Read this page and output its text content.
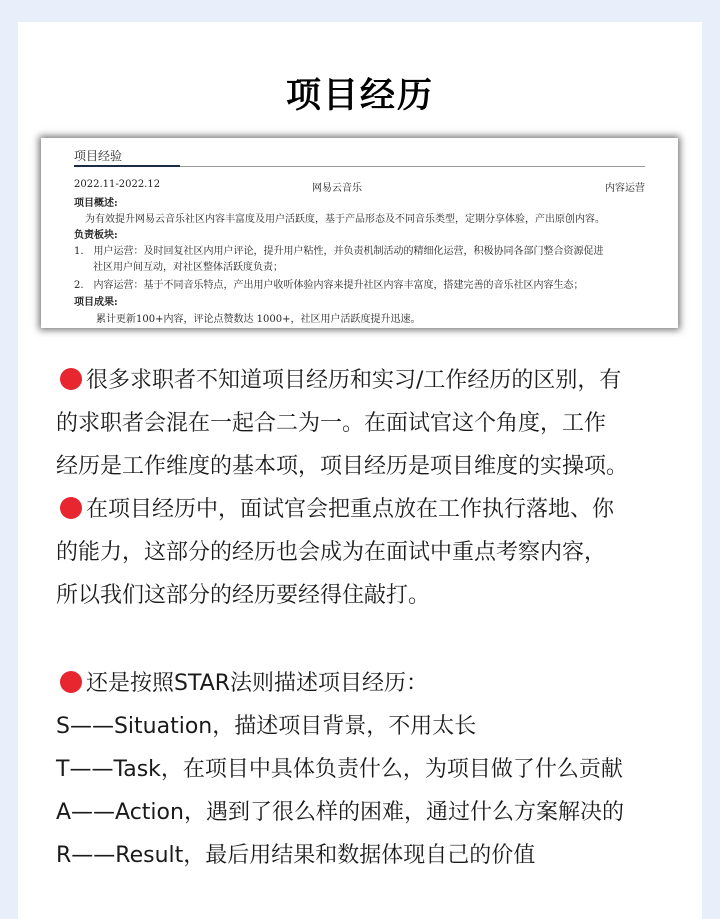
项目经历
项目经验
2022.11-2022.12	网易云音乐	内容运营
项目概述:
为有效提升网易云音乐社区内容丰富度及用户活跃度，基于产品形态及不同音乐类型，定期分享体验，产出原创内容。
负责板块:
1.　用户运营：及时回复社区内用户评论，提升用户粘性，并负责机制活动的精细化运营，积极协同各部门整合资源促进
社区用户间互动，对社区整体活跃度负责；
2.　内容运营：基于不同音乐特点，产出用户收听体验内容来提升社区内容丰富度，搭建完善的音乐社区内容生态；
项目成果:
累计更新100+内容，评论点赞数达 1000+，社区用户活跃度提升迅速。
很多求职者不知道项目经历和实习/工作经历的区别，有
的求职者会混在一起合二为一。在面试官这个角度，工作
经历是工作维度的基本项，项目经历是项目维度的实操项。
在项目经历中，面试官会把重点放在工作执行落地、你
的能力，这部分的经历也会成为在面试中重点考察内容，
所以我们这部分的经历要经得住敲打。
还是按照STAR法则描述项目经历：
S——Situation，描述项目背景，不用太长
T——Task，在项目中具体负责什么，为项目做了什么贡献
A——Action，遇到了很么样的困难，通过什么方案解决的
R——Result，最后用结果和数据体现自己的价值
